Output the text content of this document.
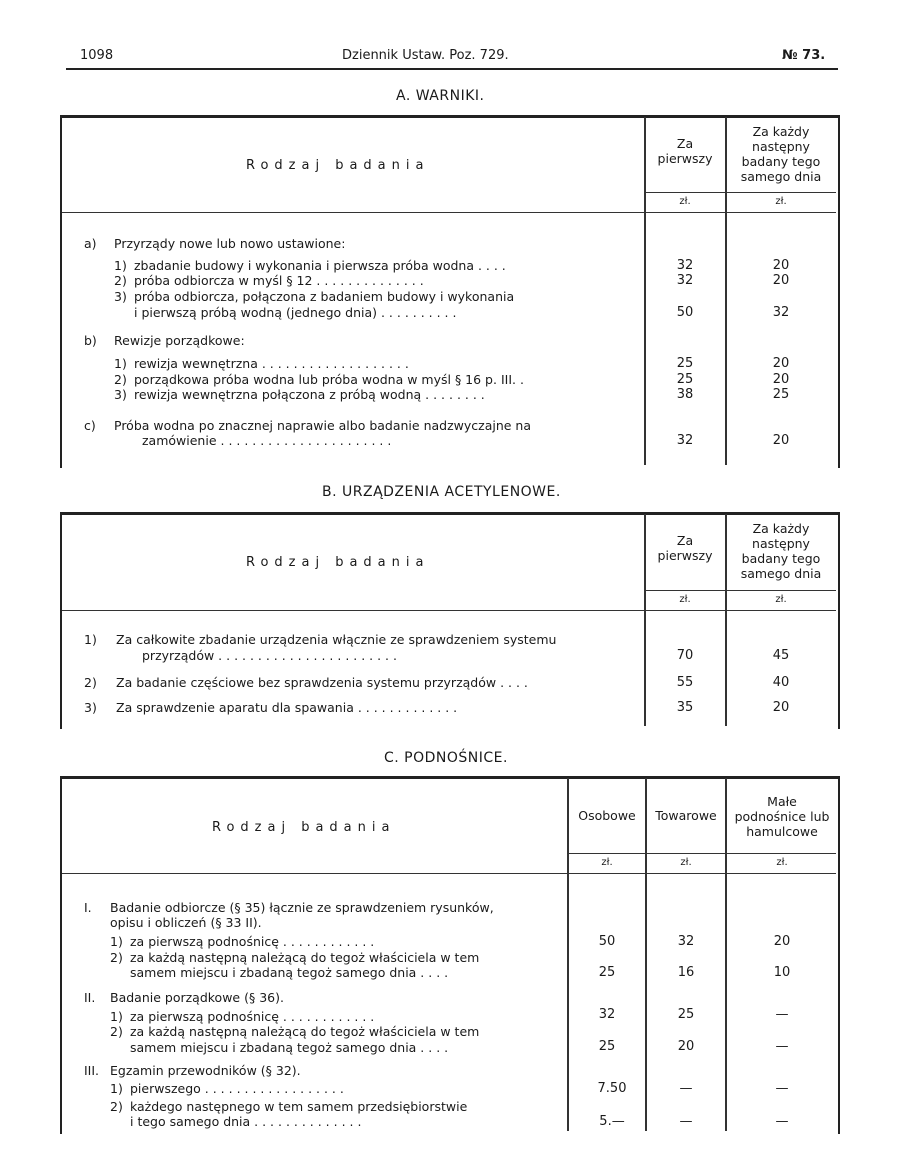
1098	Dziennik Ustaw. Poz. 729.	№ 73.
A. WARNIKI.
Rodzaj badania
Za pierwszy
Za każdy następny badany tego samego dnia
zł.	zł.
a) Przyrządy nowe lub nowo ustawione:
1) zbadanie budowy i wykonania i pierwsza próba wodna . . . .	32	20
2) próba odbiorcza w myśl § 12 . . . . . . . . . . . . . .	32	20
3) próba odbiorcza, połączona z badaniem budowy i wykonania
i pierwszą próbą wodną (jednego dnia) . . . . . . . . . .	50	32
b) Rewizje porządkowe:
1) rewizja wewnętrzna . . . . . . . . . . . . . . . . . . .	25	20
2) porządkowa próba wodna lub próba wodna w myśl § 16 p. III. .	25	20
3) rewizja wewnętrzna połączona z próbą wodną . . . . . . . .	38	25
c) Próba wodna po znacznej naprawie albo badanie nadzwyczajne na
zamówienie . . . . . . . . . . . . . . . . . . . . . .	32	20
B. URZĄDZENIA ACETYLENOWE.
Rodzaj badania
Za pierwszy
Za każdy następny badany tego samego dnia
zł.	zł.
1) Za całkowite zbadanie urządzenia włącznie ze sprawdzeniem systemu
przyrządów . . . . . . . . . . . . . . . . . . . . . . .	70	45
2) Za badanie częściowe bez sprawdzenia systemu przyrządów . . . .	55	40
3) Za sprawdzenie aparatu dla spawania . . . . . . . . . . . . .	35	20
C. PODNOŚNICE.
Rodzaj badania
Osobowe	Towarowe
Małe podnośnice lub hamulcowe
zł.	zł.	zł.
I. Badanie odbiorcze (§ 35) łącznie ze sprawdzeniem rysunków,
opisu i obliczeń (§ 33 II).
1) za pierwszą podnośnicę . . . . . . . . . . . .	50	32	20
2) za każdą następną należącą do tegoż właściciela w tem
samem miejscu i zbadaną tegoż samego dnia . . . .	25	16	10
II. Badanie porządkowe (§ 36).
1) za pierwszą podnośnicę . . . . . . . . . . . .	32	25	—
2) za każdą następną należącą do tegoż właściciela w tem
samem miejscu i zbadaną tegoż samego dnia . . . .	25	20	—
III. Egzamin przewodników (§ 32).
1) pierwszego . . . . . . . . . . . . . . . . . .	7.50	—	—
2) każdego następnego w tem samem przedsiębiorstwie
i tego samego dnia . . . . . . . . . . . . . .	5.—	—	—
